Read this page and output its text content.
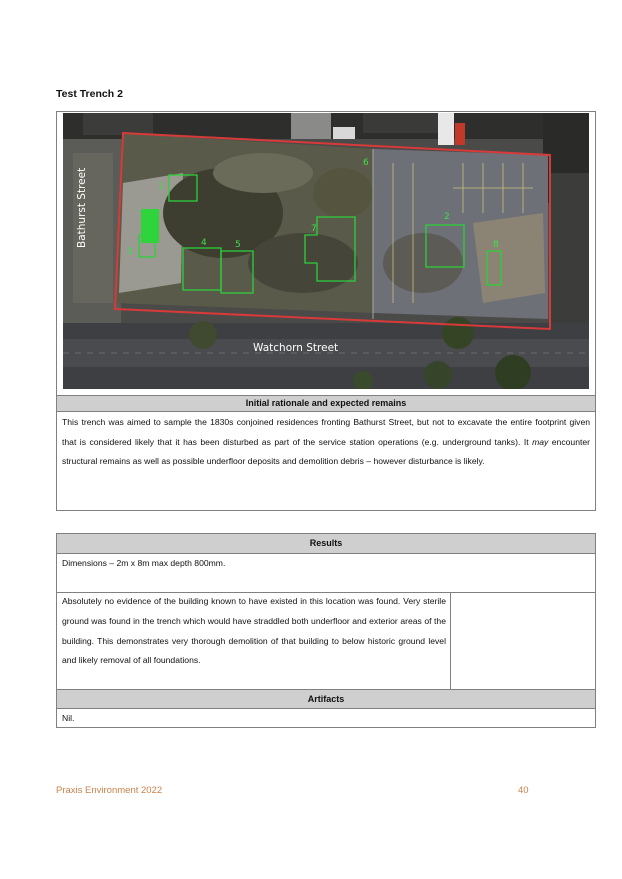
Test Trench 2
1
2
3
4	5
6
7
8
Bathurst Street
Watchorn Street
Initial rationale and expected remains
This trench was aimed to sample the 1830s conjoined residences fronting Bathurst Street, but not to excavate the entire footprint given that is considered likely that it has been disturbed as part of the service station operations (e.g. underground tanks). It may encounter structural remains as well as possible underfloor deposits and demolition debris – however disturbance is likely.
Results
Dimensions – 2m x 8m max depth 800mm.
Absolutely no evidence of the building known to have existed in this location was found. Very sterile ground was found in the trench which would have straddled both underfloor and exterior areas of the building. This demonstrates very thorough demolition of that building to below historic ground level and likely removal of all foundations.
Artifacts
Nil.
Praxis Environment 2022	40
